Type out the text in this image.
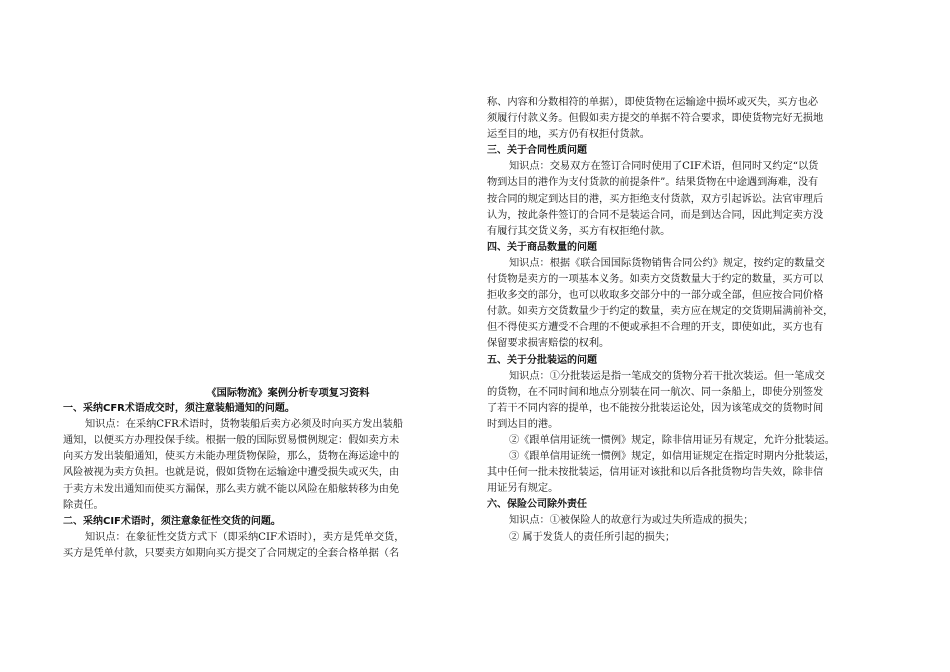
《国际物流》案例分析专项复习资料
一、采纳CFR术语成交时，须注意装船通知的问题。
知识点：在采纳CFR术语时，货物装船后卖方必须及时向买方发出装船
通知，以便买方办理投保手续。根据一般的国际贸易惯例规定：假如卖方未
向买方发出装船通知，使买方未能办理货物保险，那么，货物在海运途中的
风险被视为卖方负担。也就是说，假如货物在运输途中遭受损失或灭失，由
于卖方未发出通知而使买方漏保，那么卖方就不能以风险在船舷转移为由免
除责任。
二、采纳CIF术语时，须注意象征性交货的问题。
知识点：在象征性交货方式下（即采纳CIF术语时），卖方是凭单交货，
买方是凭单付款，只要卖方如期向买方提交了合同规定的全套合格单据（名
称、内容和分数相符的单据），即使货物在运输途中损坏或灭失，买方也必
须履行付款义务。但假如卖方提交的单据不符合要求，即使货物完好无损地
运至目的地，买方仍有权拒付货款。
三、关于合同性质问题
知识点：交易双方在签订合同时使用了CIF术语，但同时又约定“以货
物到达目的港作为支付货款的前提条件”。结果货物在中途遇到海难，没有
按合同的规定到达目的港，买方拒绝支付货款，双方引起诉讼。法官审理后
认为，按此条件签订的合同不是装运合同，而是到达合同，因此判定卖方没
有履行其交货义务，买方有权拒绝付款。
四、关于商品数量的问题
知识点：根据《联合国国际货物销售合同公约》规定，按约定的数量交
付货物是卖方的一项基本义务。如卖方交货数量大于约定的数量，买方可以
拒收多交的部分，也可以收取多交部分中的一部分或全部，但应按合同价格
付款。如卖方交货数量少于约定的数量，卖方应在规定的交货期届满前补交，
但不得使买方遭受不合理的不便或承担不合理的开支，即使如此，买方也有
保留要求损害赔偿的权利。
五、关于分批装运的问题
知识点：①分批装运是指一笔成交的货物分若干批次装运。但一笔成交
的货物，在不同时间和地点分别装在同一航次、同一条船上，即使分别签发
了若干不同内容的提单，也不能按分批装运论处，因为该笔成交的货物时间
时到达目的港。
②《跟单信用证统一惯例》规定，除非信用证另有规定，允许分批装运。
③《跟单信用证统一惯例》规定，如信用证规定在指定时期内分批装运，
其中任何一批未按批装运，信用证对该批和以后各批货物均告失效，除非信
用证另有规定。
六、保险公司除外责任
知识点：①被保险人的故意行为或过失所造成的损失；
② 属于发货人的责任所引起的损失；
